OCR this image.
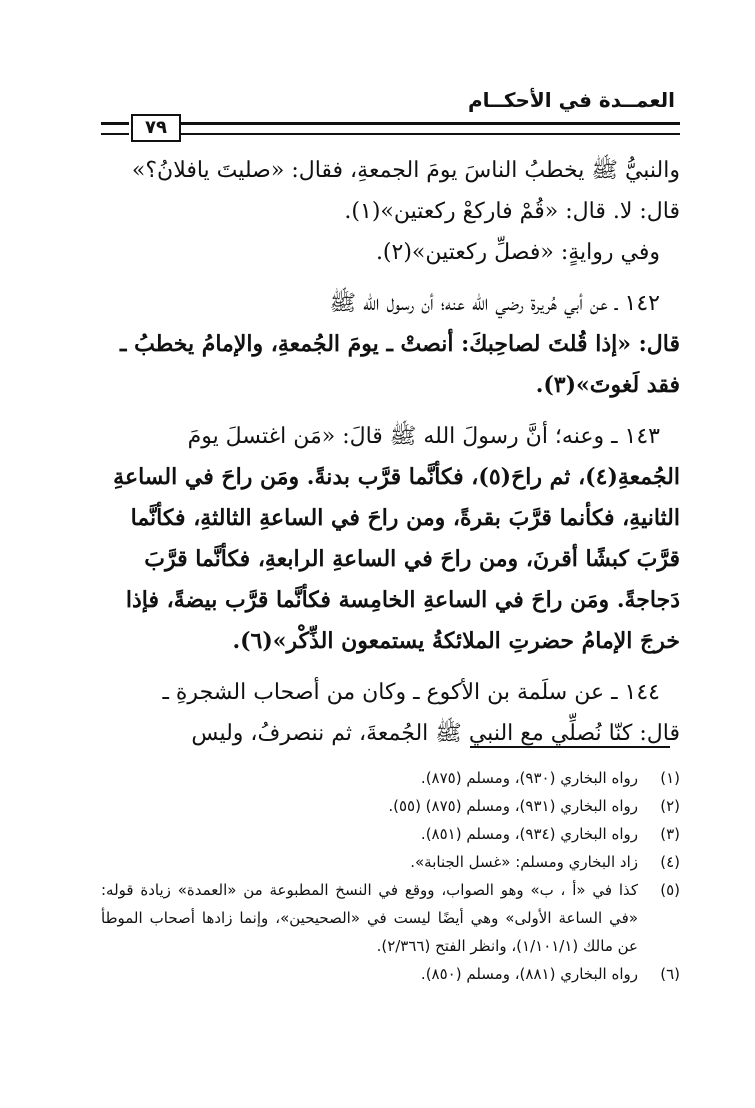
العمــدة في الأحكــام
٧٩

والنبيُّ ﷺ يخطبُ الناسَ يومَ الجمعةِ، فقال: «صليتَ يافلانُ؟»
قال: لا. قال: «قُمْ فاركعْ ركعتين»(١).
وفي روايةٍ: «فصلِّ ركعتين»(٢).

١٤٢ ـ عن أبي هُريرة رضي الله عنه؛ أن رسول الله ﷺ
قال: «إذا قُلتَ لصاحِبكَ: أنصتْ ـ يومَ الجُمعةِ، والإمامُ يخطبُ ـ
فقد لَغوتَ»(٣).

١٤٣ ـ وعنه؛ أنَّ رسولَ الله ﷺ قالَ: «مَن اغتسلَ يومَ
الجُمعةِ(٤)، ثم راحَ(٥)، فكأنَّما قرَّب بدنةً. ومَن راحَ في الساعةِ
الثانيةِ، فكأنما قرَّبَ بقرةً، ومن راحَ في الساعةِ الثالثةِ، فكأنَّما
قرَّبَ كبشًا أقرنَ، ومن راحَ في الساعةِ الرابعةِ، فكأنَّما قرَّبَ
دَجاجةً. ومَن راحَ في الساعةِ الخامِسة فكأنَّما قرَّب بيضةً، فإذا
خرجَ الإمامُ حضرتِ الملائكةُ يستمعون الذِّكْر»(٦).

١٤٤ ـ عن سلَمة بن الأكوع ـ وكان من أصحاب الشجرةِ ـ
قال: كنّا نُصلِّي مع النبي ﷺ الجُمعةَ، ثم ننصرفُ، وليس

(١)
رواه البخاري (٩٣٠)، ومسلم (٨٧٥).
(٢)
رواه البخاري (٩٣١)، ومسلم (٨٧٥) (٥٥).
(٣)
رواه البخاري (٩٣٤)، ومسلم (٨٥١).
(٤)
زاد البخاري ومسلم: «غسل الجنابة».
(٥)
كذا في «أ ، ب» وهو الصواب، ووقع في النسخ المطبوعة من «العمدة» زيادة قوله: «في الساعة الأولى» وهي أيضًا ليست في «الصحيحين»، وإنما زادها أصحاب الموطأ عن مالك (١/١٠١/١)، وانظر الفتح (٢/٣٦٦).
(٦)
رواه البخاري (٨٨١)، ومسلم (٨٥٠).
